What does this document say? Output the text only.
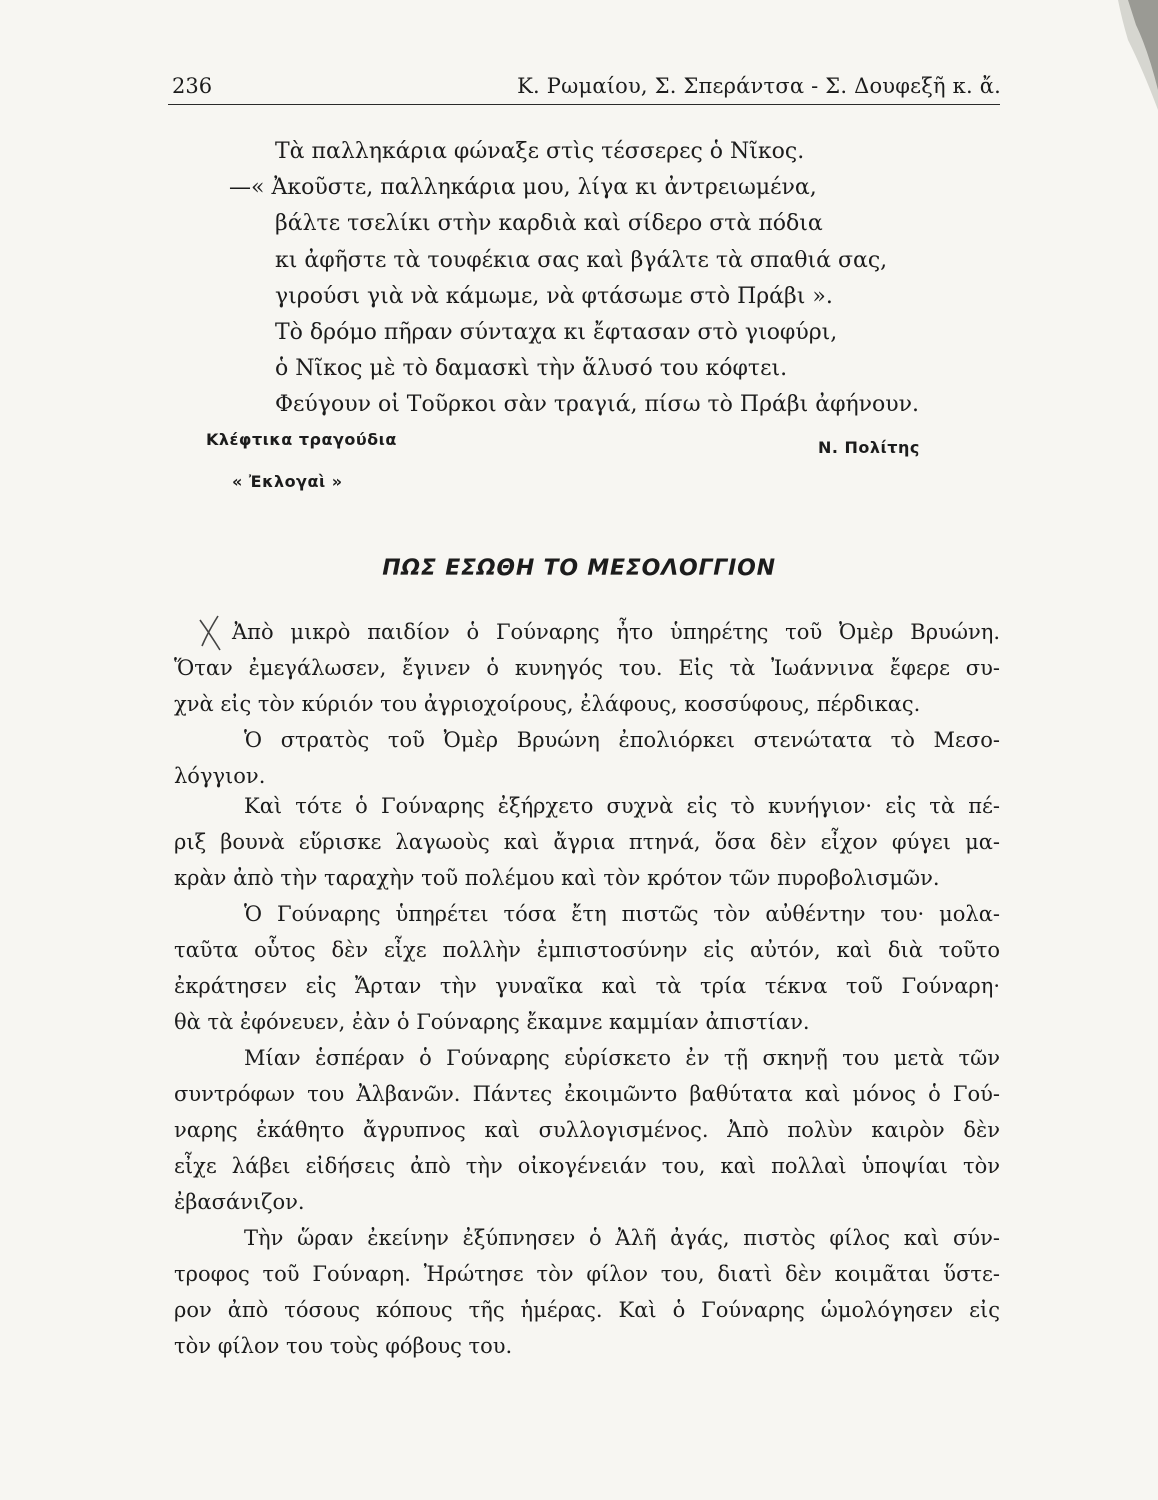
236	Κ. Ρωμαίου, Σ. Σπεράντσα - Σ. Δουφεξῆ κ. ἄ.
Τὰ παλληκάρια φώναξε στὶς τέσσερες ὁ Νῖκος.
—« Ἀκοῦστε, παλληκάρια μου, λίγα κι ἀντρειωμένα,
βάλτε τσελίκι στὴν καρδιὰ καὶ σίδερο στὰ πόδια
κι ἀφῆστε τὰ τουφέκια σας καὶ βγάλτε τὰ σπαθιά σας,
γιρούσι γιὰ νὰ κάμωμε, νὰ φτάσωμε στὸ Πράβι ».
Τὸ δρόμο πῆραν σύνταχα κι ἔφτασαν στὸ γιοφύρι,
ὁ Νῖκος μὲ τὸ δαμασκὶ τὴν ἅλυσό του κόφτει.
Φεύγουν οἱ Τοῦρκοι σὰν τραγιά, πίσω τὸ Πράβι ἀφήνουν.
Κλέφτικα τραγούδια	Ν. Πολίτης
« Ἐκλογαὶ »
ΠΩΣ ΕΣΩΘΗ ΤΟ ΜΕΣΟΛΟΓΓΙΟΝ
Ἀπὸ μικρὸ παιδίον ὁ Γούναρης ἦτο ὑπηρέτης τοῦ Ὀμὲρ Βρυώνη.
Ὅταν ἐμεγάλωσεν, ἔγινεν ὁ κυνηγός του. Εἰς τὰ Ἰωάννινα ἔφερε συ-
χνὰ εἰς τὸν κύριόν του ἀγριοχοίρους, ἐλάφους, κοσσύφους, πέρδικας.
Ὁ στρατὸς τοῦ Ὀμὲρ Βρυώνη ἐπολιόρκει στενώτατα τὸ Μεσο-
λόγγιον.
Καὶ τότε ὁ Γούναρης ἐξήρχετο συχνὰ εἰς τὸ κυνήγιον· εἰς τὰ πέ-
ριξ βουνὰ εὕρισκε λαγωοὺς καὶ ἄγρια πτηνά, ὅσα δὲν εἶχον φύγει μα-
κρὰν ἀπὸ τὴν ταραχὴν τοῦ πολέμου καὶ τὸν κρότον τῶν πυροβολισμῶν.
Ὁ Γούναρης ὑπηρέτει τόσα ἔτη πιστῶς τὸν αὐθέντην του· μολα-
ταῦτα οὗτος δὲν εἶχε πολλὴν ἐμπιστοσύνην εἰς αὐτόν, καὶ διὰ τοῦτο
ἐκράτησεν εἰς Ἄρταν τὴν γυναῖκα καὶ τὰ τρία τέκνα τοῦ Γούναρη·
θὰ τὰ ἐφόνευεν, ἐὰν ὁ Γούναρης ἔκαμνε καμμίαν ἀπιστίαν.
Μίαν ἑσπέραν ὁ Γούναρης εὑρίσκετο ἐν τῇ σκηνῇ του μετὰ τῶν
συντρόφων του Ἀλβανῶν. Πάντες ἐκοιμῶντο βαθύτατα καὶ μόνος ὁ Γού-
ναρης ἐκάθητο ἄγρυπνος καὶ συλλογισμένος. Ἀπὸ πολὺν καιρὸν δὲν
εἶχε λάβει εἰδήσεις ἀπὸ τὴν οἰκογένειάν του, καὶ πολλαὶ ὑποψίαι τὸν
ἐβασάνιζον.
Τὴν ὥραν ἐκείνην ἐξύπνησεν ὁ Ἀλῆ ἀγάς, πιστὸς φίλος καὶ σύν-
τροφος τοῦ Γούναρη. Ἠρώτησε τὸν φίλον του, διατὶ δὲν κοιμᾶται ὕστε-
ρον ἀπὸ τόσους κόπους τῆς ἡμέρας. Καὶ ὁ Γούναρης ὡμολόγησεν εἰς
τὸν φίλον του τοὺς φόβους του.
